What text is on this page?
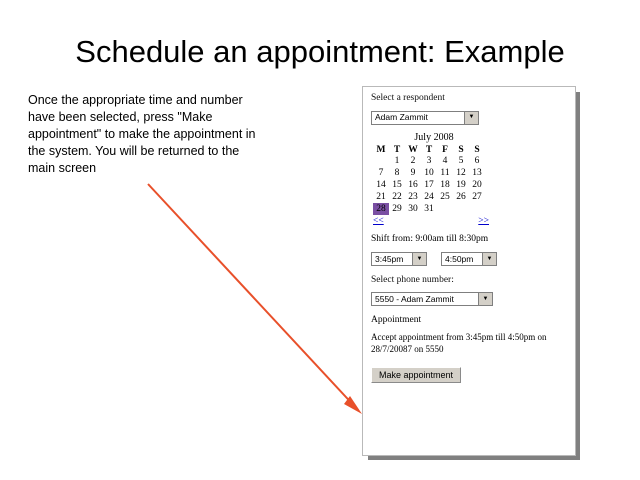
Schedule an appointment: Example
Once the appropriate time and number have been selected, press "Make appointment" to make the appointment in the system. You will be returned to the main screen
Select a respondent
Adam Zammit	▼
July 2008
M	T	W	T	F	S	S
	1	2	3	4	5	6
7	8	9	10	11	12	13
14	15	16	17	18	19	20
21	22	23	24	25	26	27
28	29	30	31			
<<	>>
Shift from: 9:00am till 8:30pm
3:45pm	▼
	4:50pm	▼
Select phone number:
5550 - Adam Zammit	▼
Appointment
Accept appointment from 3:45pm till 4:50pm on 28/7/20087 on 5550
Make appointment
